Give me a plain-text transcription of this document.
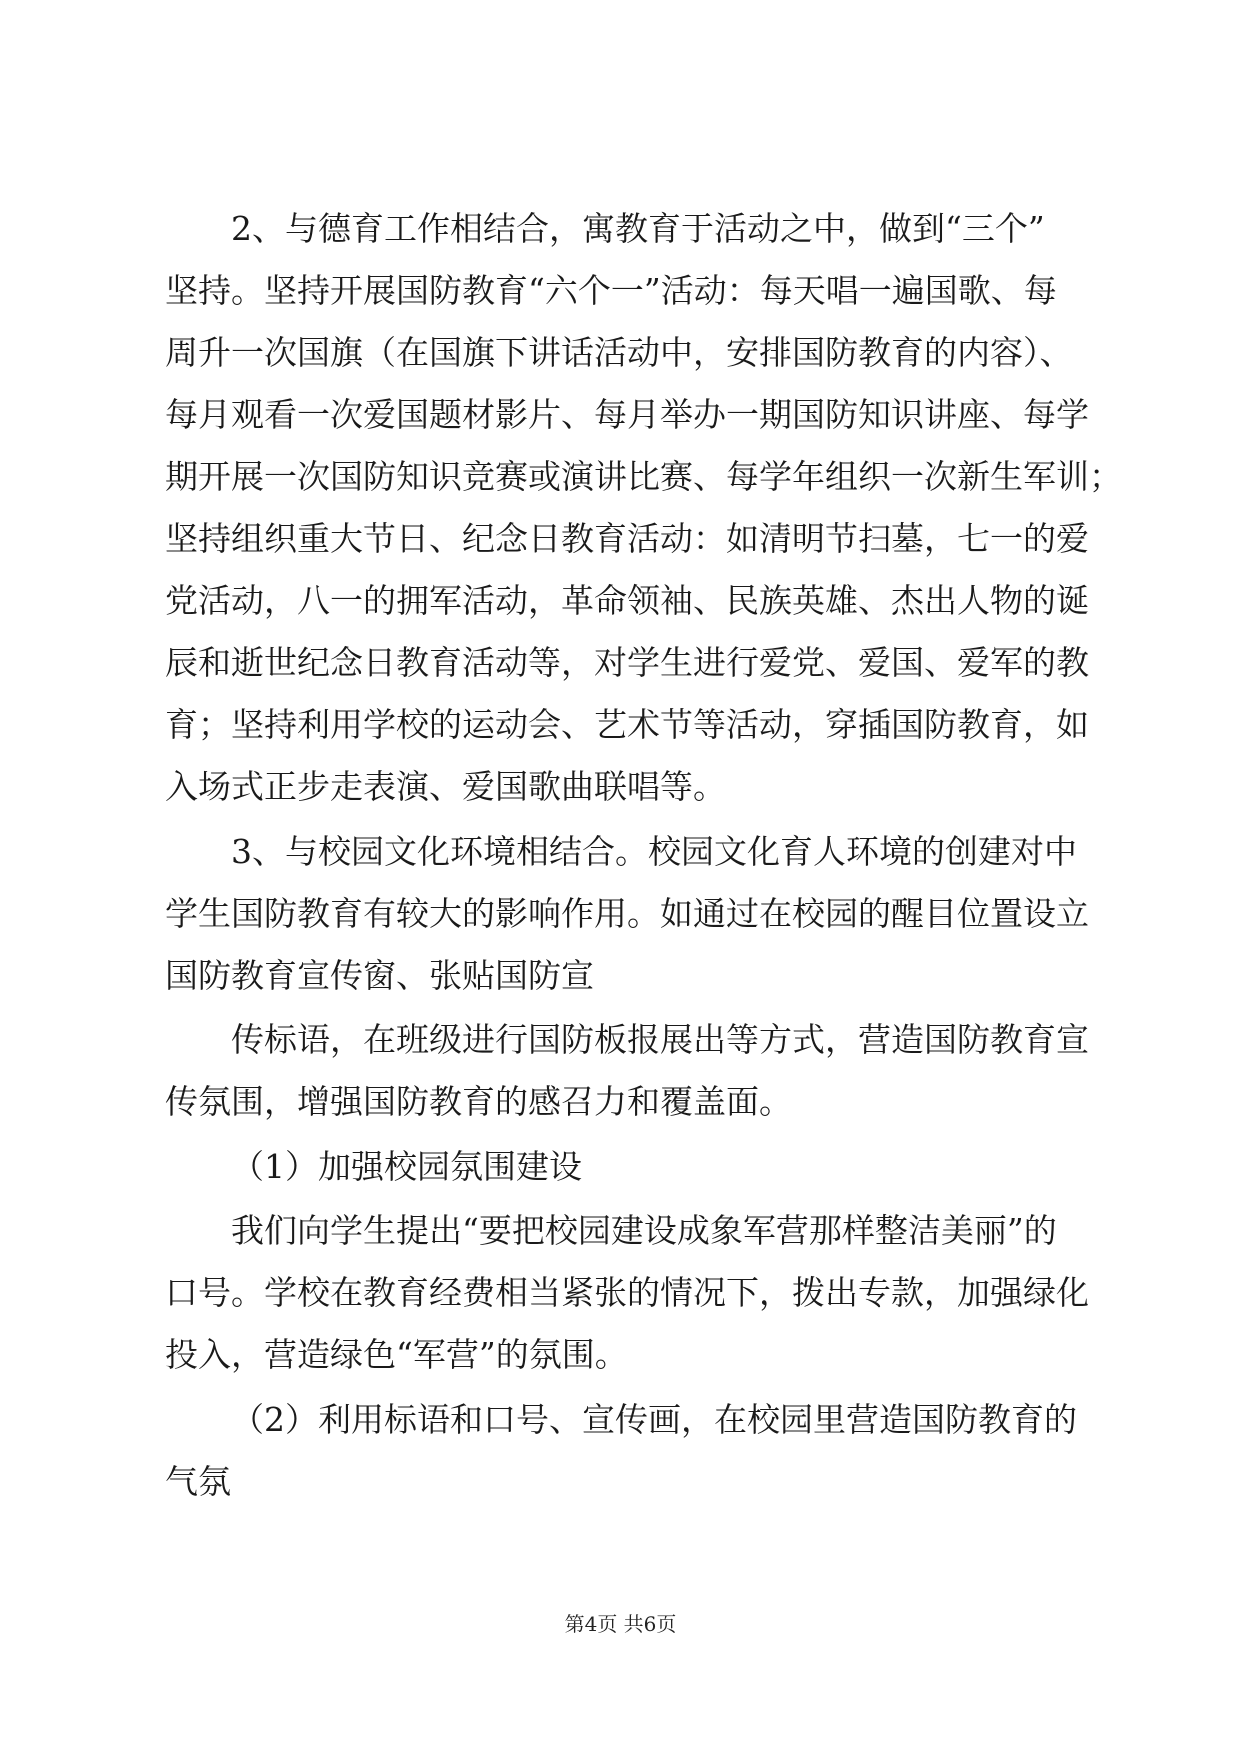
2、与德育工作相结合，寓教育于活动之中，做到“三个”
坚持。坚持开展国防教育“六个一”活动：每天唱一遍国歌、每
周升一次国旗（在国旗下讲话活动中，安排国防教育的内容）、
每月观看一次爱国题材影片、每月举办一期国防知识讲座、每学
期开展一次国防知识竞赛或演讲比赛、每学年组织一次新生军训；
坚持组织重大节日、纪念日教育活动：如清明节扫墓，七一的爱
党活动，八一的拥军活动，革命领袖、民族英雄、杰出人物的诞
辰和逝世纪念日教育活动等，对学生进行爱党、爱国、爱军的教
育；坚持利用学校的运动会、艺术节等活动，穿插国防教育，如
入场式正步走表演、爱国歌曲联唱等。
3、与校园文化环境相结合。校园文化育人环境的创建对中
学生国防教育有较大的影响作用。如通过在校园的醒目位置设立
国防教育宣传窗、张贴国防宣
传标语，在班级进行国防板报展出等方式，营造国防教育宣
传氛围，增强国防教育的感召力和覆盖面。
（1）加强校园氛围建设
我们向学生提出“要把校园建设成象军营那样整洁美丽”的
口号。学校在教育经费相当紧张的情况下，拨出专款，加强绿化
投入，营造绿色“军营”的氛围。
（2）利用标语和口号、宣传画，在校园里营造国防教育的
气氛
第4页 共6页
